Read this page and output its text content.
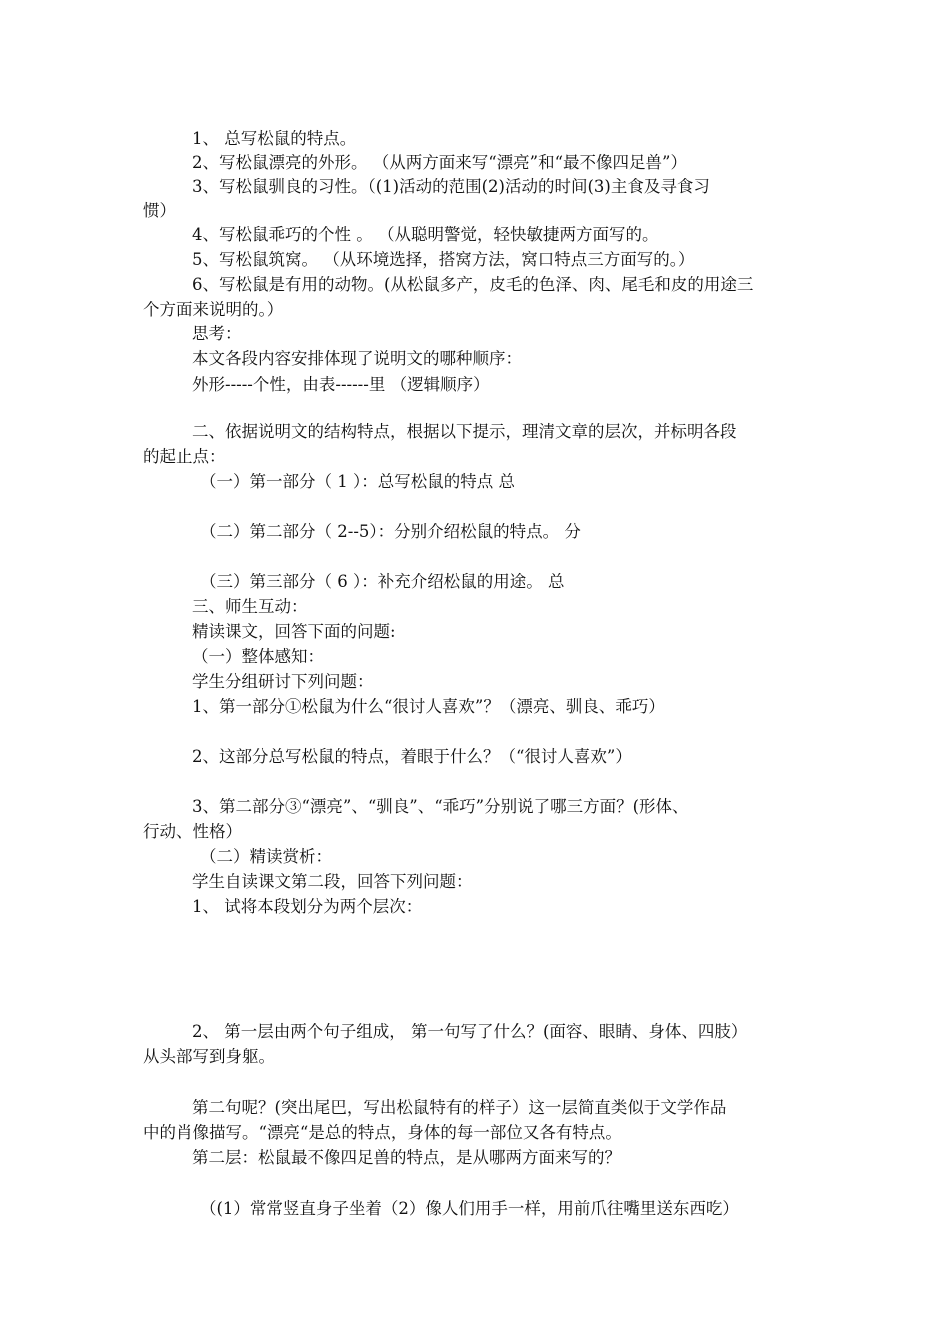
1、 总写松鼠的特点。
2、写松鼠漂亮的外形。 （从两方面来写“漂亮”和“最不像四足兽”）
3、写松鼠驯良的习性。（(1)活动的范围(2)活动的时间(3)主食及寻食习
惯）
4、写松鼠乖巧的个性 。 （从聪明警觉，轻快敏捷两方面写的。
5、写松鼠筑窝。 （从环境选择，搭窝方法，窝口特点三方面写的。）
6、写松鼠是有用的动物。(从松鼠多产，皮毛的色泽、肉、尾毛和皮的用途三
个方面来说明的。）
思考：
本文各段内容安排体现了说明文的哪种顺序：
外形-----个性，由表------里 （逻辑顺序）
二、依据说明文的结构特点，根据以下提示，理清文章的层次，并标明各段
的起止点：
（一）第一部分（ 1 ）：总写松鼠的特点 总
（二）第二部分（ 2--5）：分别介绍松鼠的特点。 分
（三）第三部分（ 6 ）：补充介绍松鼠的用途。 总
三、师生互动：
精读课文，回答下面的问题:
（一）整体感知：
学生分组研讨下列问题：
1、第一部分①松鼠为什么“很讨人喜欢”？（漂亮、驯良、乖巧）
2、这部分总写松鼠的特点，着眼于什么？（“很讨人喜欢”）
3、第二部分③“漂亮”、“驯良”、“乖巧”分别说了哪三方面？(形体、
行动、性格）
（二）精读赏析：
学生自读课文第二段，回答下列问题：
1、 试将本段划分为两个层次：
2、 第一层由两个句子组成， 第一句写了什么？(面容、眼睛、身体、四肢）
从头部写到身躯。
第二句呢？(突出尾巴，写出松鼠特有的样子）这一层简直类似于文学作品
中的肖像描写。“漂亮“是总的特点，身体的每一部位又各有特点。
第二层：松鼠最不像四足兽的特点，是从哪两方面来写的？
（(1）常常竖直身子坐着（2）像人们用手一样，用前爪往嘴里送东西吃）
